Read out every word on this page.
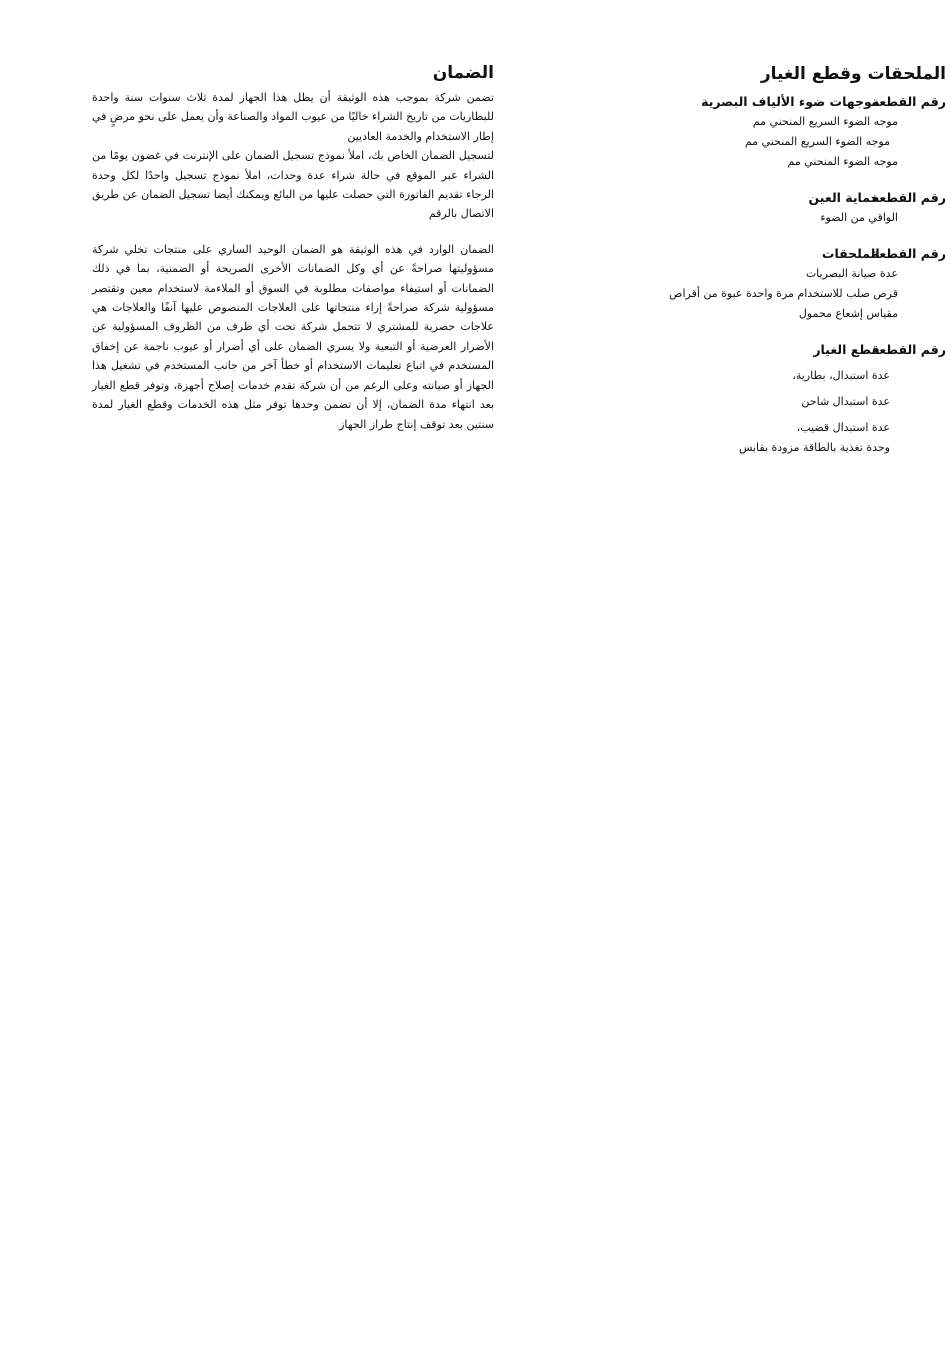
الملحقات وقطع الغيار
رقم القطعة موجهات ضوء الألياف البصرية
موجه الضوء السريع المنحني مم
موجه الضوء السريع المنحني مم
موجه الضوء المنحني مم
رقم القطعة حماية العين
الواقي من الضوء
رقم القطعة الملحقات
عدة صيانة البصريات
قرص صلب للاستخدام مرة واحدة عبوة من أقراص
مقياس إشعاع محمول
رقم القطعة قطع الغيار
عدة استبدال، بطارية،
عدة استبدال شاحن
عدة استبدال قضيب،
وحدة تغذية بالطاقة مزودة بقابس
الضمان

تضمن شركة بموجب هذه الوثيقة أن يظل هذا الجهاز لمدة ثلاث سنوات سنة واحدة للبطاريات من تاريخ الشراء خاليًا من عيوب المواد والصناعة وأن يعمل على نحو مرضٍ في إطار الاستخدام والخدمة العاديين

لتسجيل الضمان الخاص بك، املأ نموذج تسجيل الضمان على الإنترنت في غضون يومًا من الشراء عبر الموقع في حالة شراء عدة وحدات، املأ نموذج تسجيل واحدًا لكل وحدة الرجاء تقديم الفاتورة التي حصلت عليها من البائع ويمكنك أيضا تسجيل الضمان عن طريق الاتصال بالرقم

الضمان الوارد في هذه الوثيقة هو الضمان الوحيد الساري على منتجات تخلي شركة مسؤوليتها صراحةً عن أي وكل الضمانات الأخرى الصريحة أو الضمنية، بما في ذلك الضمانات أو استيفاء مواصفات مطلوبة في السوق أو الملاءمة لاستخدام معين وتقتصر مسؤولية شركة صراحةً إزاء منتجاتها على العلاجات المنصوص عليها آنفًا والعلاجات هي علاجات حصرية للمشتري لا تتحمل شركة تحت أي ظرف من الظروف المسؤولية عن الأضرار العرضية أو التبعية ولا يسري الضمان على أي أضرار أو عيوب ناجمة عن إخفاق المستخدم في اتباع تعليمات الاستخدام أو خطأ آخر من جانب المستخدم في تشغيل هذا الجهاز أو صيانته وعلى الرغم من أن شركة تقدم خدمات إصلاح أجهزة، وتوفر قطع الغيار بعد انتهاء مدة الضمان، إلا أن تضمن وحدها توفر مثل هذه الخدمات وقطع الغيار لمدة سنتين بعد توقف إنتاج طراز الجهاز
